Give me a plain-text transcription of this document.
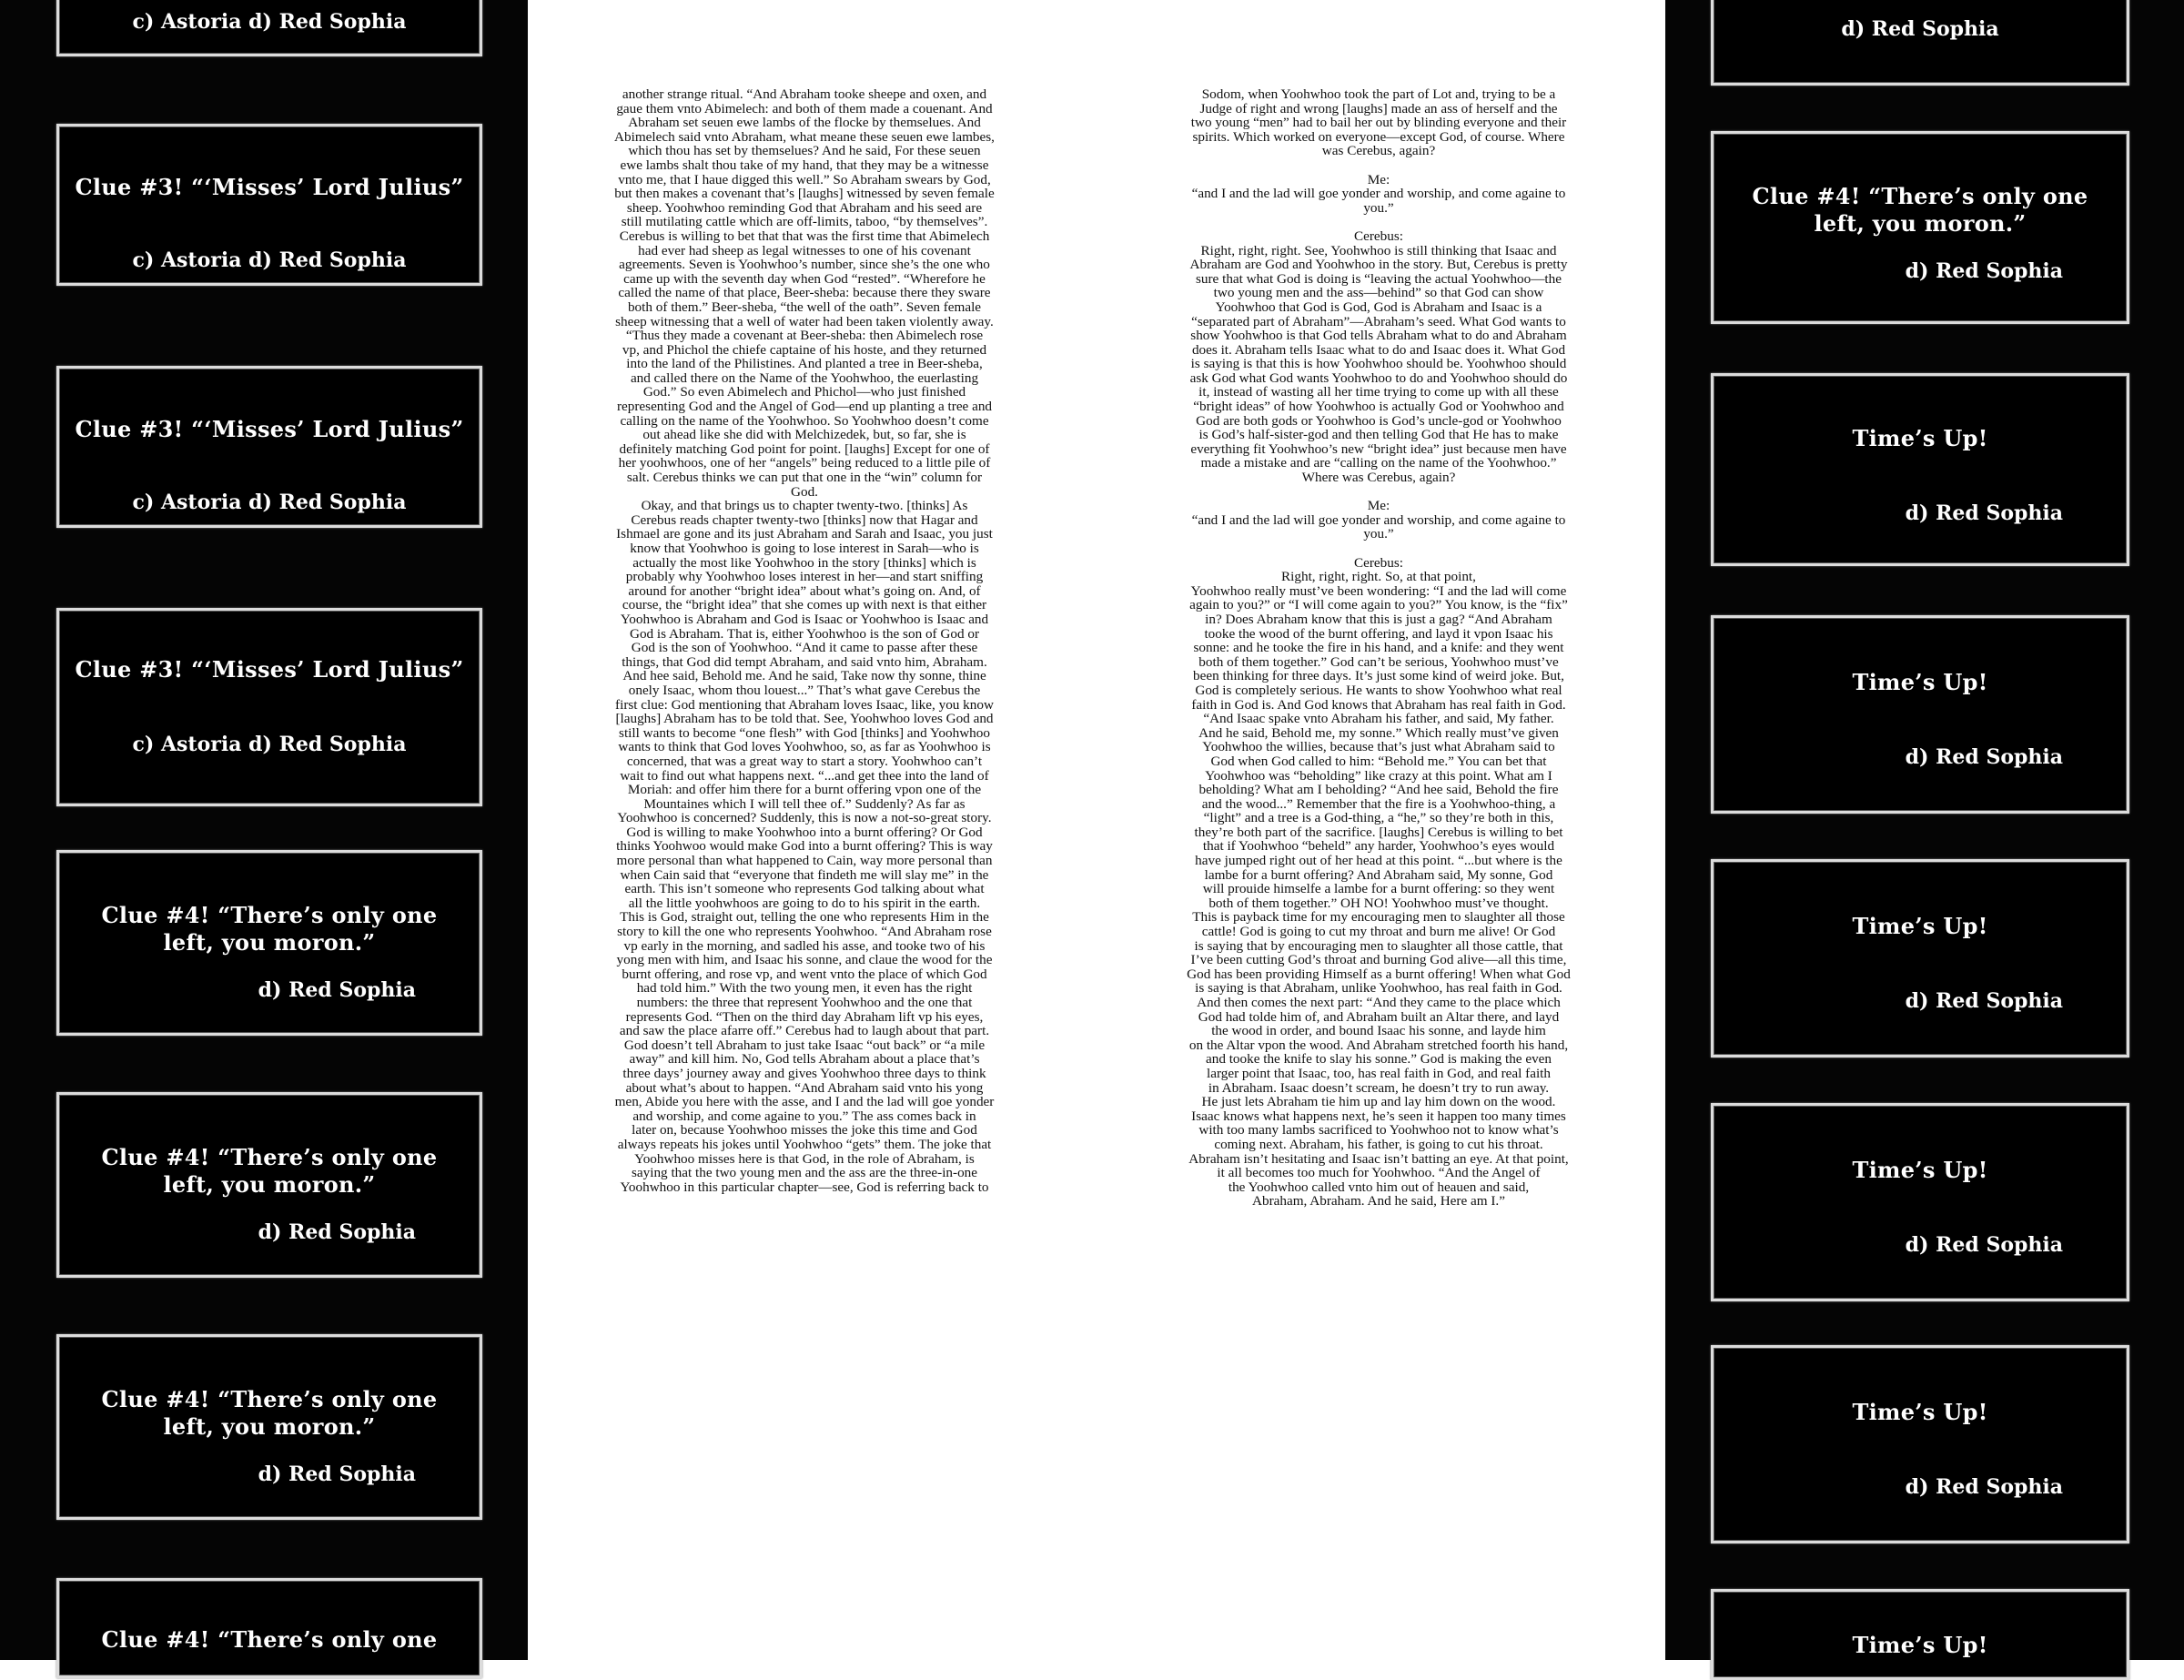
c) Astoria d) Red Sophia
Clue #3! “‘Misses’ Lord Julius”
c) Astoria d) Red Sophia
Clue #3! “‘Misses’ Lord Julius”
c) Astoria d) Red Sophia
Clue #3! “‘Misses’ Lord Julius”
c) Astoria d) Red Sophia
Clue #4! “There’s only one
left, you moron.”
d) Red Sophia
Clue #4! “There’s only one
left, you moron.”
d) Red Sophia
Clue #4! “There’s only one
left, you moron.”
d) Red Sophia
Clue #4! “There’s only one
another strange ritual. “And Abraham tooke sheepe and oxen, and
gaue them vnto Abimelech: and both of them made a couenant. And
Abraham set seuen ewe lambs of the flocke by themselues. And
Abimelech said vnto Abraham, what meane these seuen ewe lambes,
which thou has set by themselues? And he said, For these seuen
ewe lambs shalt thou take of my hand, that they may be a witnesse
vnto me, that I haue digged this well.” So Abraham swears by God,
but then makes a covenant that’s [laughs] witnessed by seven female
sheep. Yoohwhoo reminding God that Abraham and his seed are
still mutilating cattle which are off-limits, taboo, “by themselves”.
Cerebus is willing to bet that that was the first time that Abimelech
had ever had sheep as legal witnesses to one of his covenant
agreements. Seven is Yoohwhoo’s number, since she’s the one who
came up with the seventh day when God “rested”. “Wherefore he
called the name of that place, Beer-sheba: because there they sware
both of them.” Beer-sheba, “the well of the oath”. Seven female
sheep witnessing that a well of water had been taken violently away.
“Thus they made a covenant at Beer-sheba: then Abimelech rose
vp, and Phichol the chiefe captaine of his hoste, and they returned
into the land of the Philistines. And planted a tree in Beer-sheba,
and called there on the Name of the Yoohwhoo, the euerlasting
God.” So even Abimelech and Phichol—who just finished
representing God and the Angel of God—end up planting a tree and
calling on the name of the Yoohwhoo. So Yoohwhoo doesn’t come
out ahead like she did with Melchizedek, but, so far, she is
definitely matching God point for point. [laughs] Except for one of
her yoohwhoos, one of her “angels” being reduced to a little pile of
salt. Cerebus thinks we can put that one in the “win” column for
God.
Okay, and that brings us to chapter twenty-two. [thinks] As
Cerebus reads chapter twenty-two [thinks] now that Hagar and
Ishmael are gone and its just Abraham and Sarah and Isaac, you just
know that Yoohwhoo is going to lose interest in Sarah—who is
actually the most like Yoohwhoo in the story [thinks] which is
probably why Yoohwhoo loses interest in her—and start sniffing
around for another “bright idea” about what’s going on. And, of
course, the “bright idea” that she comes up with next is that either
Yoohwhoo is Abraham and God is Isaac or Yoohwhoo is Isaac and
God is Abraham. That is, either Yoohwhoo is the son of God or
God is the son of Yoohwhoo. “And it came to passe after these
things, that God did tempt Abraham, and said vnto him, Abraham.
And hee said, Behold me. And he said, Take now thy sonne, thine
onely Isaac, whom thou louest...” That’s what gave Cerebus the
first clue: God mentioning that Abraham loves Isaac, like, you know
[laughs] Abraham has to be told that. See, Yoohwhoo loves God and
still wants to become “one flesh” with God [thinks] and Yoohwhoo
wants to think that God loves Yoohwhoo, so, as far as Yoohwhoo is
concerned, that was a great way to start a story. Yoohwhoo can’t
wait to find out what happens next. “...and get thee into the land of
Moriah: and offer him there for a burnt offering vpon one of the
Mountaines which I will tell thee of.” Suddenly? As far as
Yoohwhoo is concerned? Suddenly, this is now a not-so-great story.
God is willing to make Yoohwhoo into a burnt offering? Or God
thinks Yoohwoo would make God into a burnt offering? This is way
more personal than what happened to Cain, way more personal than
when Cain said that “everyone that findeth me will slay me” in the
earth. This isn’t someone who represents God talking about what
all the little yoohwhoos are going to do to his spirit in the earth.
This is God, straight out, telling the one who represents Him in the
story to kill the one who represents Yoohwhoo. “And Abraham rose
vp early in the morning, and sadled his asse, and tooke two of his
yong men with him, and Isaac his sonne, and claue the wood for the
burnt offering, and rose vp, and went vnto the place of which God
had told him.” With the two young men, it even has the right
numbers: the three that represent Yoohwhoo and the one that
represents God. “Then on the third day Abraham lift vp his eyes,
and saw the place afarre off.” Cerebus had to laugh about that part.
God doesn’t tell Abraham to just take Isaac “out back” or “a mile
away” and kill him. No, God tells Abraham about a place that’s
three days’ journey away and gives Yoohwhoo three days to think
about what’s about to happen. “And Abraham said vnto his yong
men, Abide you here with the asse, and I and the lad will goe yonder
and worship, and come againe to you.” The ass comes back in
later on, because Yoohwhoo misses the joke this time and God
always repeats his jokes until Yoohwhoo “gets” them. The joke that
Yoohwhoo misses here is that God, in the role of Abraham, is
saying that the two young men and the ass are the three-in-one
Yoohwhoo in this particular chapter—see, God is referring back to
Sodom, when Yoohwhoo took the part of Lot and, trying to be a
Judge of right and wrong [laughs] made an ass of herself and the
two young “men” had to bail her out by blinding everyone and their
spirits. Which worked on everyone—except God, of course. Where
was Cerebus, again?
Me:
“and I and the lad will goe yonder and worship, and come againe to
you.”
Cerebus:
Right, right, right. See, Yoohwhoo is still thinking that Isaac and
Abraham are God and Yoohwhoo in the story. But, Cerebus is pretty
sure that what God is doing is “leaving the actual Yoohwhoo—the
two young men and the ass—behind” so that God can show
Yoohwhoo that God is God, God is Abraham and Isaac is a
“separated part of Abraham”—Abraham’s seed. What God wants to
show Yoohwhoo is that God tells Abraham what to do and Abraham
does it. Abraham tells Isaac what to do and Isaac does it. What God
is saying is that this is how Yoohwhoo should be. Yoohwhoo should
ask God what God wants Yoohwhoo to do and Yoohwhoo should do
it, instead of wasting all her time trying to come up with all these
“bright ideas” of how Yoohwhoo is actually God or Yoohwhoo and
God are both gods or Yoohwhoo is God’s uncle-god or Yoohwhoo
is God’s half-sister-god and then telling God that He has to make
everything fit Yoohwhoo’s new “bright idea” just because men have
made a mistake and are “calling on the name of the Yoohwhoo.”
Where was Cerebus, again?
Me:
“and I and the lad will goe yonder and worship, and come againe to
you.”
Cerebus:
Right, right, right. So, at that point,
Yoohwhoo really must’ve been wondering: “I and the lad will come
again to you?” or “I will come again to you?” You know, is the “fix”
in? Does Abraham know that this is just a gag? “And Abraham
tooke the wood of the burnt offering, and layd it vpon Isaac his
sonne: and he tooke the fire in his hand, and a knife: and they went
both of them together.” God can’t be serious, Yoohwhoo must’ve
been thinking for three days. It’s just some kind of weird joke. But,
God is completely serious. He wants to show Yoohwhoo what real
faith in God is. And God knows that Abraham has real faith in God.
“And Isaac spake vnto Abraham his father, and said, My father.
And he said, Behold me, my sonne.” Which really must’ve given
Yoohwhoo the willies, because that’s just what Abraham said to
God when God called to him: “Behold me.” You can bet that
Yoohwhoo was “beholding” like crazy at this point. What am I
beholding? What am I beholding? “And hee said, Behold the fire
and the wood...” Remember that the fire is a Yoohwhoo-thing, a
“light” and a tree is a God-thing, a “he,” so they’re both in this,
they’re both part of the sacrifice. [laughs] Cerebus is willing to bet
that if Yoohwhoo “beheld” any harder, Yoohwhoo’s eyes would
have jumped right out of her head at this point. “...but where is the
lambe for a burnt offering? And Abraham said, My sonne, God
will prouide himselfe a lambe for a burnt offering: so they went
both of them together.” OH NO! Yoohwhoo must’ve thought.
This is payback time for my encouraging men to slaughter all those
cattle! God is going to cut my throat and burn me alive! Or God
is saying that by encouraging men to slaughter all those cattle, that
I’ve been cutting God’s throat and burning God alive—all this time,
God has been providing Himself as a burnt offering! When what God
is saying is that Abraham, unlike Yoohwhoo, has real faith in God.
And then comes the next part: “And they came to the place which
God had tolde him of, and Abraham built an Altar there, and layd
the wood in order, and bound Isaac his sonne, and layde him
on the Altar vpon the wood. And Abraham stretched foorth his hand,
and tooke the knife to slay his sonne.” God is making the even
larger point that Isaac, too, has real faith in God, and real faith
in Abraham. Isaac doesn’t scream, he doesn’t try to run away.
He just lets Abraham tie him up and lay him down on the wood.
Isaac knows what happens next, he’s seen it happen too many times
with too many lambs sacrificed to Yoohwhoo not to know what’s
coming next. Abraham, his father, is going to cut his throat.
Abraham isn’t hesitating and Isaac isn’t batting an eye. At that point,
it all becomes too much for Yoohwhoo. “And the Angel of
the Yoohwhoo called vnto him out of heauen and said,
Abraham, Abraham. And he said, Here am I.”
d) Red Sophia
Clue #4! “There’s only one
left, you moron.”
d) Red Sophia
Time’s Up!
d) Red Sophia
Time’s Up!
d) Red Sophia
Time’s Up!
d) Red Sophia
Time’s Up!
d) Red Sophia
Time’s Up!
d) Red Sophia
Time’s Up!
